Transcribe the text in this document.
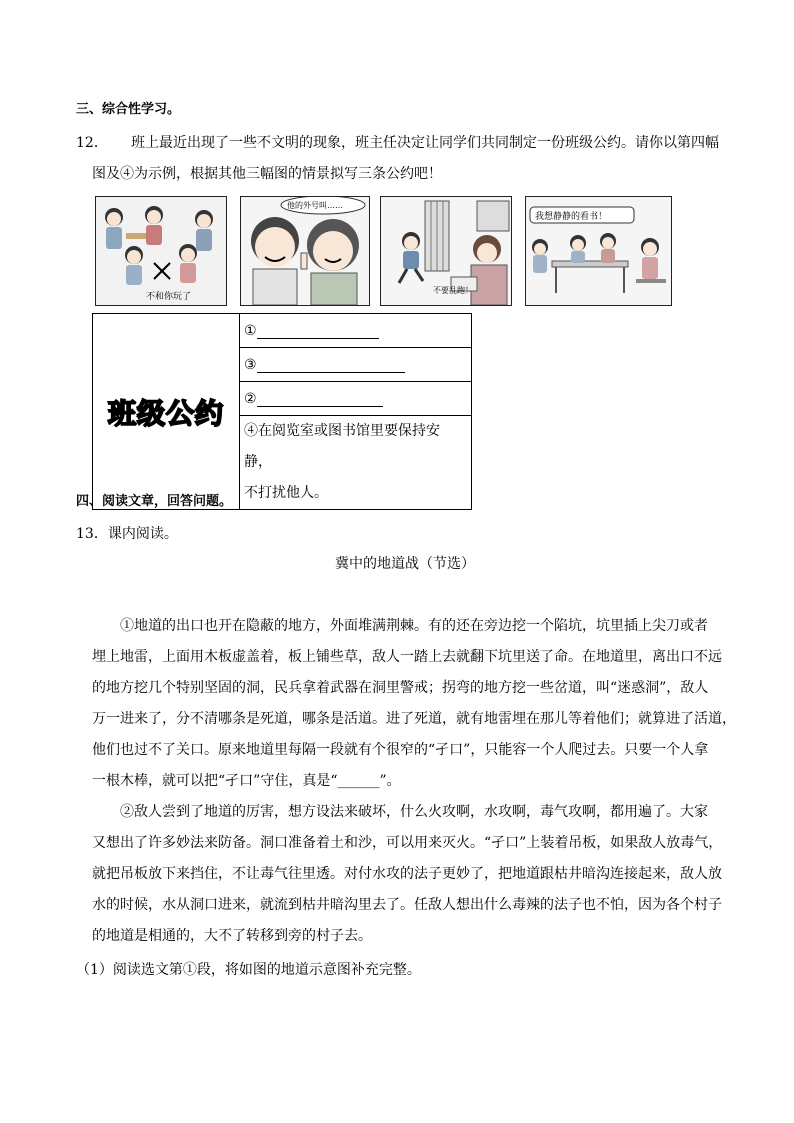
三、综合性学习。
12． 班上最近出现了一些不文明的现象，班主任决定让同学们共同制定一份班级公约。请你以第四幅
图及④为示例，根据其他三幅图的情景拟写三条公约吧！
不和你玩了
他的外号叫……
不要乱跑！
我想静静的看书！
班级公约	①
③
②
④在阅览室或图书馆里要保持安静，
不打扰他人。
四、阅读文章，回答问题。
13．课内阅读。
冀中的地道战（节选）
①地道的出口也开在隐蔽的地方，外面堆满荆棘。有的还在旁边挖一个陷坑，坑里插上尖刀或者
埋上地雷，上面用木板虚盖着，板上铺些草，敌人一踏上去就翻下坑里送了命。在地道里，离出口不远
的地方挖几个特别坚固的洞，民兵拿着武器在洞里警戒；拐弯的地方挖一些岔道，叫“迷惑洞”，敌人
万一进来了，分不清哪条是死道，哪条是活道。进了死道，就有地雷埋在那儿等着他们；就算进了活道，
他们也过不了关口。原来地道里每隔一段就有个很窄的“孑口”，只能容一个人爬过去。只要一个人拿
一根木棒，就可以把“孑口”守住，真是“______”。
②敌人尝到了地道的厉害，想方设法来破坏，什么火攻啊，水攻啊，毒气攻啊，都用遍了。大家
又想出了许多妙法来防备。洞口准备着土和沙，可以用来灭火。“孑口”上装着吊板，如果敌人放毒气，
就把吊板放下来挡住，不让毒气往里透。对付水攻的法子更妙了，把地道跟枯井暗沟连接起来，敌人放
水的时候，水从洞口进来，就流到枯井暗沟里去了。任敌人想出什么毒辣的法子也不怕，因为各个村子
的地道是相通的，大不了转移到旁的村子去。
（1）阅读选文第①段，将如图的地道示意图补充完整。
